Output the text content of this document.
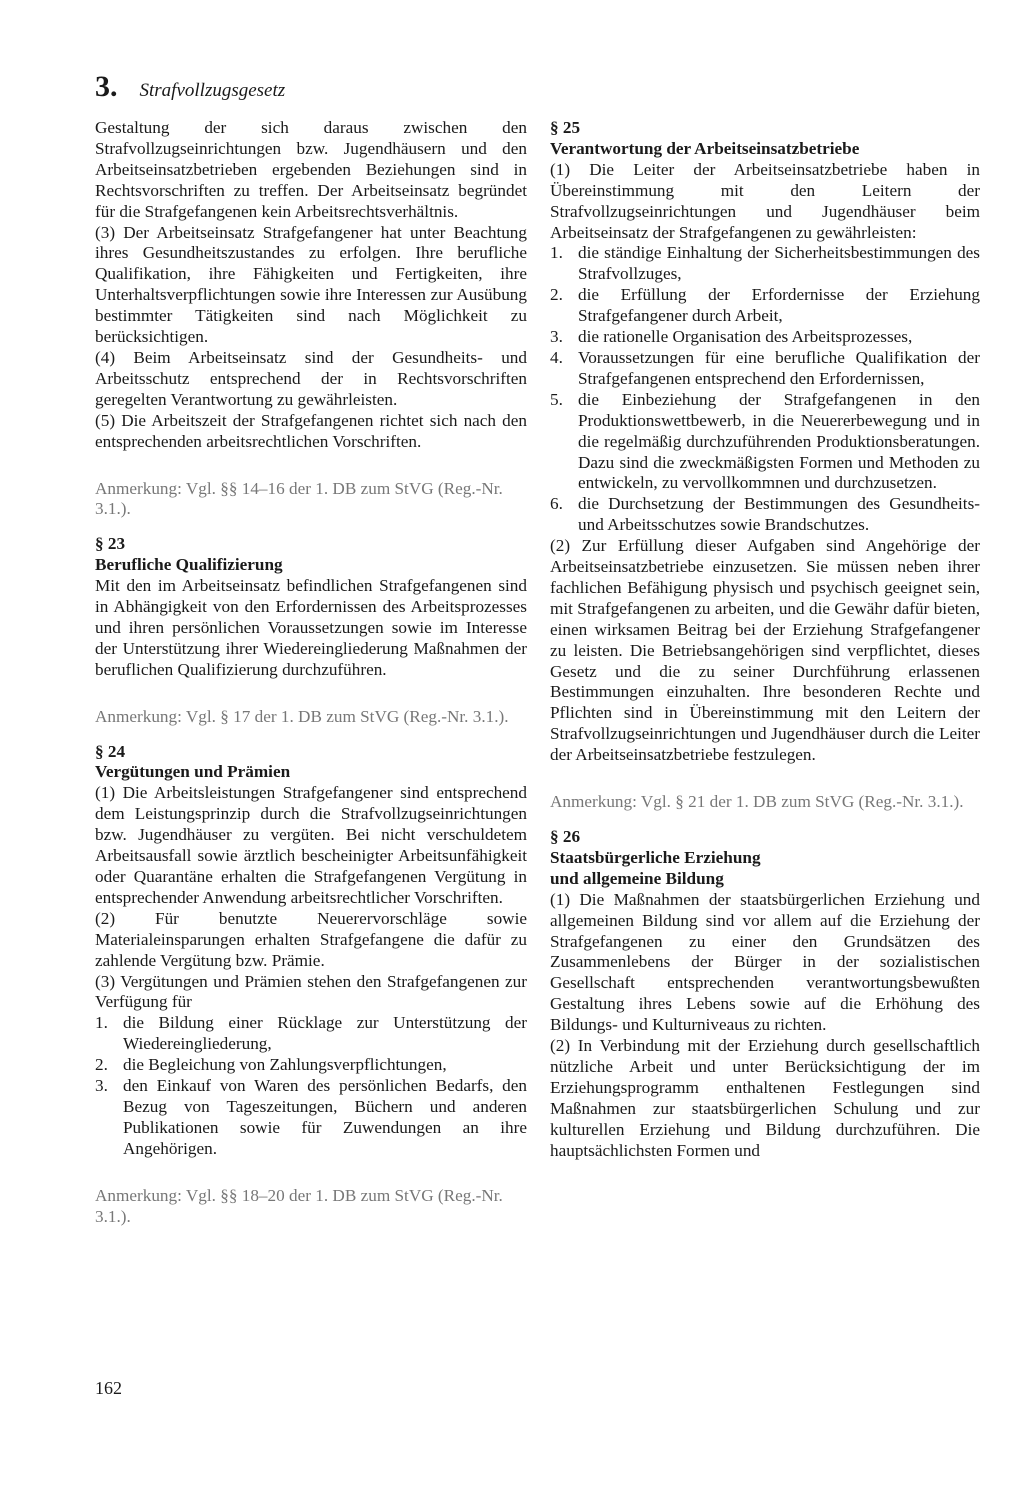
3. Strafvollzugsgesetz

Gestaltung der sich daraus zwischen den Strafvollzugseinrichtungen bzw. Jugendhäusern und den Arbeitseinsatzbetrieben ergebenden Beziehungen sind in Rechtsvorschriften zu treffen. Der Arbeitseinsatz begründet für die Strafgefangenen kein Arbeitsrechtsverhältnis.

(3) Der Arbeitseinsatz Strafgefangener hat unter Beachtung ihres Gesundheitszustandes zu erfolgen. Ihre berufliche Qualifikation, ihre Fähigkeiten und Fertigkeiten, ihre Unterhaltsverpflichtungen sowie ihre Interessen zur Ausübung bestimmter Tätigkeiten sind nach Möglichkeit zu berücksichtigen.

(4) Beim Arbeitseinsatz sind der Gesundheits- und Arbeitsschutz entsprechend der in Rechtsvorschriften geregelten Verantwortung zu gewährleisten.

(5) Die Arbeitszeit der Strafgefangenen richtet sich nach den entsprechenden arbeitsrechtlichen Vorschriften.

Anmerkung: Vgl. §§ 14–16 der 1. DB zum StVG (Reg.-Nr. 3.1.).

§ 23
Berufliche Qualifizierung

Mit den im Arbeitseinsatz befindlichen Strafgefangenen sind in Abhängigkeit von den Erfordernissen des Arbeitsprozesses und ihren persönlichen Voraussetzungen sowie im Interesse der Unterstützung ihrer Wiedereingliederung Maßnahmen der beruflichen Qualifizierung durchzuführen.

Anmerkung: Vgl. § 17 der 1. DB zum StVG (Reg.-Nr. 3.1.).

§ 24
Vergütungen und Prämien

(1) Die Arbeitsleistungen Strafgefangener sind entsprechend dem Leistungsprinzip durch die Strafvollzugseinrichtungen bzw. Jugendhäuser zu vergüten. Bei nicht verschuldetem Arbeitsausfall sowie ärztlich bescheinigter Arbeitsunfähigkeit oder Quarantäne erhalten die Strafgefangenen Vergütung in entsprechender Anwendung arbeitsrechtlicher Vorschriften.

(2) Für benutzte Neuerervorschläge sowie Materialeinsparungen erhalten Strafgefangene die dafür zu zahlende Vergütung bzw. Prämie.

(3) Vergütungen und Prämien stehen den Strafgefangenen zur Verfügung für

1. die Bildung einer Rücklage zur Unterstützung der Wiedereingliederung,
2. die Begleichung von Zahlungsverpflichtungen,
3. den Einkauf von Waren des persönlichen Bedarfs, den Bezug von Tageszeitungen, Büchern und anderen Publikationen sowie für Zuwendungen an ihre Angehörigen.

Anmerkung: Vgl. §§ 18–20 der 1. DB zum StVG (Reg.-Nr. 3.1.).

§ 25
Verantwortung der Arbeitseinsatzbetriebe

(1) Die Leiter der Arbeitseinsatzbetriebe haben in Übereinstimmung mit den Leitern der Strafvollzugseinrichtungen und Jugendhäuser beim Arbeitseinsatz der Strafgefangenen zu gewährleisten:

1. die ständige Einhaltung der Sicherheitsbestimmungen des Strafvollzuges,
2. die Erfüllung der Erfordernisse der Erziehung Strafgefangener durch Arbeit,
3. die rationelle Organisation des Arbeitsprozesses,
4. Voraussetzungen für eine berufliche Qualifikation der Strafgefangenen entsprechend den Erfordernissen,
5. die Einbeziehung der Strafgefangenen in den Produktionswettbewerb, in die Neuererbewegung und in die regelmäßig durchzuführenden Produktionsberatungen. Dazu sind die zweckmäßigsten Formen und Methoden zu entwickeln, zu vervollkommnen und durchzusetzen.
6. die Durchsetzung der Bestimmungen des Gesundheits- und Arbeitsschutzes sowie Brandschutzes.

(2) Zur Erfüllung dieser Aufgaben sind Angehörige der Arbeitseinsatzbetriebe einzusetzen. Sie müssen neben ihrer fachlichen Befähigung physisch und psychisch geeignet sein, mit Strafgefangenen zu arbeiten, und die Gewähr dafür bieten, einen wirksamen Beitrag bei der Erziehung Strafgefangener zu leisten. Die Betriebsangehörigen sind verpflichtet, dieses Gesetz und die zu seiner Durchführung erlassenen Bestimmungen einzuhalten. Ihre besonderen Rechte und Pflichten sind in Übereinstimmung mit den Leitern der Strafvollzugseinrichtungen und Jugendhäuser durch die Leiter der Arbeitseinsatzbetriebe festzulegen.

Anmerkung: Vgl. § 21 der 1. DB zum StVG (Reg.-Nr. 3.1.).

§ 26
Staatsbürgerliche Erziehung
und allgemeine Bildung

(1) Die Maßnahmen der staatsbürgerlichen Erziehung und allgemeinen Bildung sind vor allem auf die Erziehung der Strafgefangenen zu einer den Grundsätzen des Zusammenlebens der Bürger in der sozialistischen Gesellschaft entsprechenden verantwortungsbewußten Gestaltung ihres Lebens sowie auf die Erhöhung des Bildungs- und Kulturniveaus zu richten.

(2) In Verbindung mit der Erziehung durch gesellschaftlich nützliche Arbeit und unter Berücksichtigung der im Erziehungsprogramm enthaltenen Festlegungen sind Maßnahmen zur staatsbürgerlichen Schulung und zur kulturellen Erziehung und Bildung durchzuführen. Die hauptsächlichsten Formen und

162
